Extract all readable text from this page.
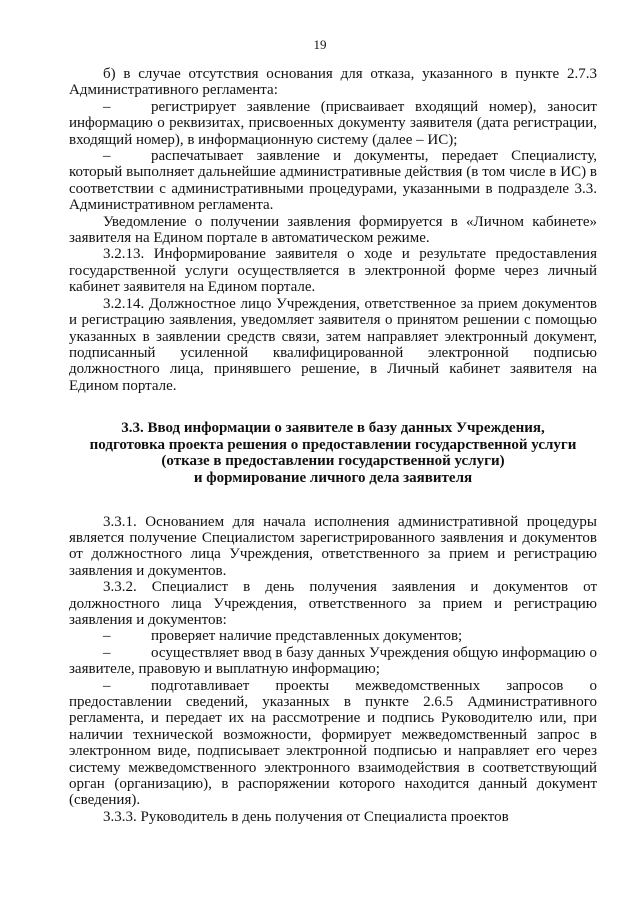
19

б) в случае отсутствия основания для отказа, указанного в пункте 2.7.3 Административного регламента:

–	регистрирует заявление (присваивает входящий номер), заносит информацию о реквизитах, присвоенных документу заявителя (дата регистрации, входящий номер), в информационную систему (далее – ИС);

–	распечатывает заявление и документы, передает Специалисту, который выполняет дальнейшие административные действия (в том числе в ИС) в соответствии с административными процедурами, указанными в подразделе 3.3. Административном регламента.

Уведомление о получении заявления формируется в «Личном кабинете» заявителя на Едином портале в автоматическом режиме.

3.2.13. Информирование заявителя о ходе и результате предоставления государственной услуги осуществляется в электронной форме через личный кабинет заявителя на Едином портале.

3.2.14. Должностное лицо Учреждения, ответственное за прием документов и регистрацию заявления, уведомляет заявителя о принятом решении с помощью указанных в заявлении средств связи, затем направляет электронный документ, подписанный усиленной квалифицированной электронной подписью должностного лица, принявшего решение, в Личный кабинет заявителя на Едином портале.

3.3. Ввод информации о заявителе в базу данных Учреждения,
подготовка проекта решения о предоставлении государственной услуги
(отказе в предоставлении государственной услуги)
и формирование личного дела заявителя

3.3.1. Основанием для начала исполнения административной процедуры является получение Специалистом зарегистрированного заявления и документов от должностного лица Учреждения, ответственного за прием и регистрацию заявления и документов.

3.3.2. Специалист в день получения заявления и документов от должностного лица Учреждения, ответственного за прием и регистрацию заявления и документов:

–	проверяет наличие представленных документов;

–	осуществляет ввод в базу данных Учреждения общую информацию о заявителе, правовую и выплатную информацию;

–	подготавливает проекты межведомственных запросов о предоставлении сведений, указанных в пункте 2.6.5 Административного регламента, и передает их на рассмотрение и подпись Руководителю или, при наличии технической возможности, формирует межведомственный запрос в электронном виде, подписывает электронной подписью и направляет его через систему межведомственного электронного взаимодействия в соответствующий орган (организацию), в распоряжении которого находится данный документ (сведения).

3.3.3. Руководитель в день получения от Специалиста проектов
